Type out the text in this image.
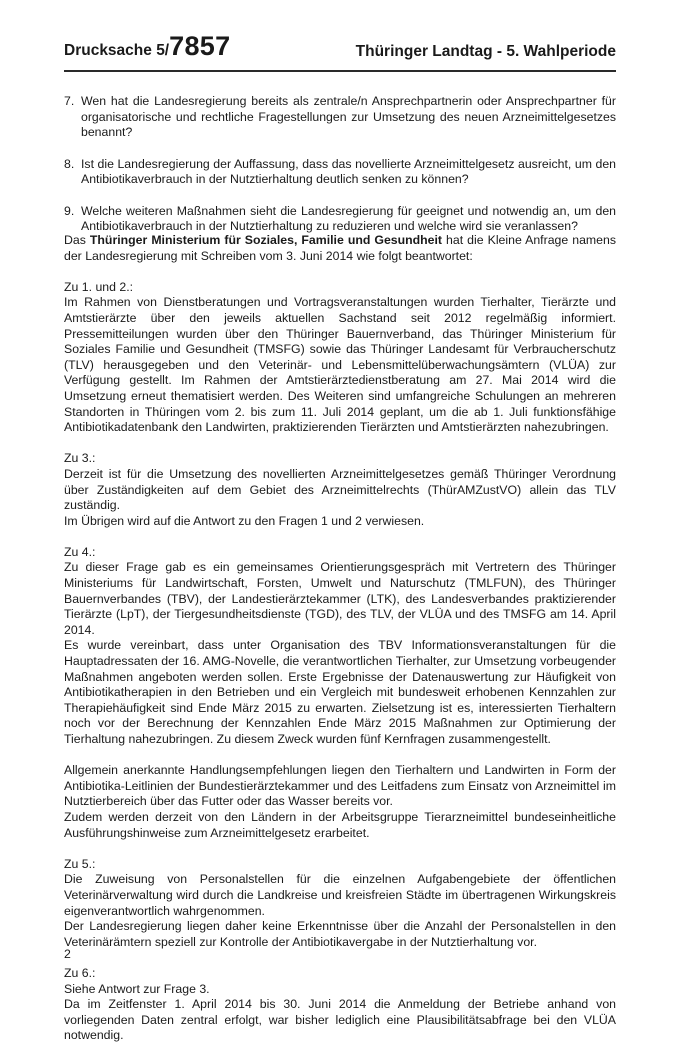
Drucksache 5/7857	Thüringer Landtag - 5. Wahlperiode
7. Wen hat die Landesregierung bereits als zentrale/n Ansprechpartnerin oder Ansprechpartner für organisatorische und rechtliche Fragestellungen zur Umsetzung des neuen Arzneimittelgesetzes benannt?
8. Ist die Landesregierung der Auffassung, dass das novellierte Arzneimittelgesetz ausreicht, um den Antibiotikaverbrauch in der Nutztierhaltung deutlich senken zu können?
9. Welche weiteren Maßnahmen sieht die Landesregierung für geeignet und notwendig an, um den Antibiotikaverbrauch in der Nutztierhaltung zu reduzieren und welche wird sie veranlassen?

Das Thüringer Ministerium für Soziales, Familie und Gesundheit hat die Kleine Anfrage namens der Landesregierung mit Schreiben vom 3. Juni 2014 wie folgt beantwortet:

Zu 1. und 2.:
Im Rahmen von Dienstberatungen und Vortragsveranstaltungen wurden Tierhalter, Tierärzte und Amtstierärzte über den jeweils aktuellen Sachstand seit 2012 regelmäßig informiert. Pressemitteilungen wurden über den Thüringer Bauernverband, das Thüringer Ministerium für Soziales Familie und Gesundheit (TMSFG) sowie das Thüringer Landesamt für Verbraucherschutz (TLV) herausgegeben und den Veterinär- und Lebensmittelüberwachungsämtern (VLÜA) zur Verfügung gestellt. Im Rahmen der Amtstierärztedienstberatung am 27. Mai 2014 wird die Umsetzung erneut thematisiert werden. Des Weiteren sind umfangreiche Schulungen an mehreren Standorten in Thüringen vom 2. bis zum 11. Juli 2014 geplant, um die ab 1. Juli funktionsfähige Antibiotikadatenbank den Landwirten, praktizierenden Tierärzten und Amtstierärzten nahezubringen.

Zu 3.:
Derzeit ist für die Umsetzung des novellierten Arzneimittelgesetzes gemäß Thüringer Verordnung über Zuständigkeiten auf dem Gebiet des Arzneimittelrechts (ThürAMZustVO) allein das TLV zuständig.
Im Übrigen wird auf die Antwort zu den Fragen 1 und 2 verwiesen.

Zu 4.:
Zu dieser Frage gab es ein gemeinsames Orientierungsgespräch mit Vertretern des Thüringer Ministeriums für Landwirtschaft, Forsten, Umwelt und Naturschutz (TMLFUN), des Thüringer Bauernverbandes (TBV), der Landestierärztekammer (LTK), des Landesverbandes praktizierender Tierärzte (LpT), der Tiergesundheitsdienste (TGD), des TLV, der VLÜA und des TMSFG am 14. April 2014.
Es wurde vereinbart, dass unter Organisation des TBV Informationsveranstaltungen für die Hauptadressaten der 16. AMG-Novelle, die verantwortlichen Tierhalter, zur Umsetzung vorbeugender Maßnahmen angeboten werden sollen. Erste Ergebnisse der Datenauswertung zur Häufigkeit von Antibiotikatherapien in den Betrieben und ein Vergleich mit bundesweit erhobenen Kennzahlen zur Therapiehäufigkeit sind Ende März 2015 zu erwarten. Zielsetzung ist es, interessierten Tierhaltern noch vor der Berechnung der Kennzahlen Ende März 2015 Maßnahmen zur Optimierung der Tierhaltung nahezubringen. Zu diesem Zweck wurden fünf Kernfragen zusammengestellt.

Allgemein anerkannte Handlungsempfehlungen liegen den Tierhaltern und Landwirten in Form der Antibiotika-Leitlinien der Bundestierärztekammer und des Leitfadens zum Einsatz von Arzneimittel im Nutztierbereich über das Futter oder das Wasser bereits vor.
Zudem werden derzeit von den Ländern in der Arbeitsgruppe Tierarzneimittel bundeseinheitliche Ausführungshinweise zum Arzneimittelgesetz erarbeitet.

Zu 5.:
Die Zuweisung von Personalstellen für die einzelnen Aufgabengebiete der öffentlichen Veterinärverwaltung wird durch die Landkreise und kreisfreien Städte im übertragenen Wirkungskreis eigenverantwortlich wahrgenommen.
Der Landesregierung liegen daher keine Erkenntnisse über die Anzahl der Personalstellen in den Veterinärämtern speziell zur Kontrolle der Antibiotikavergabe in der Nutztierhaltung vor.

Zu 6.:
Siehe Antwort zur Frage 3.
Da im Zeitfenster 1. April 2014 bis 30. Juni 2014 die Anmeldung der Betriebe anhand von vorliegenden Daten zentral erfolgt, war bisher lediglich eine Plausibilitätsabfrage bei den VLÜA notwendig.

2
